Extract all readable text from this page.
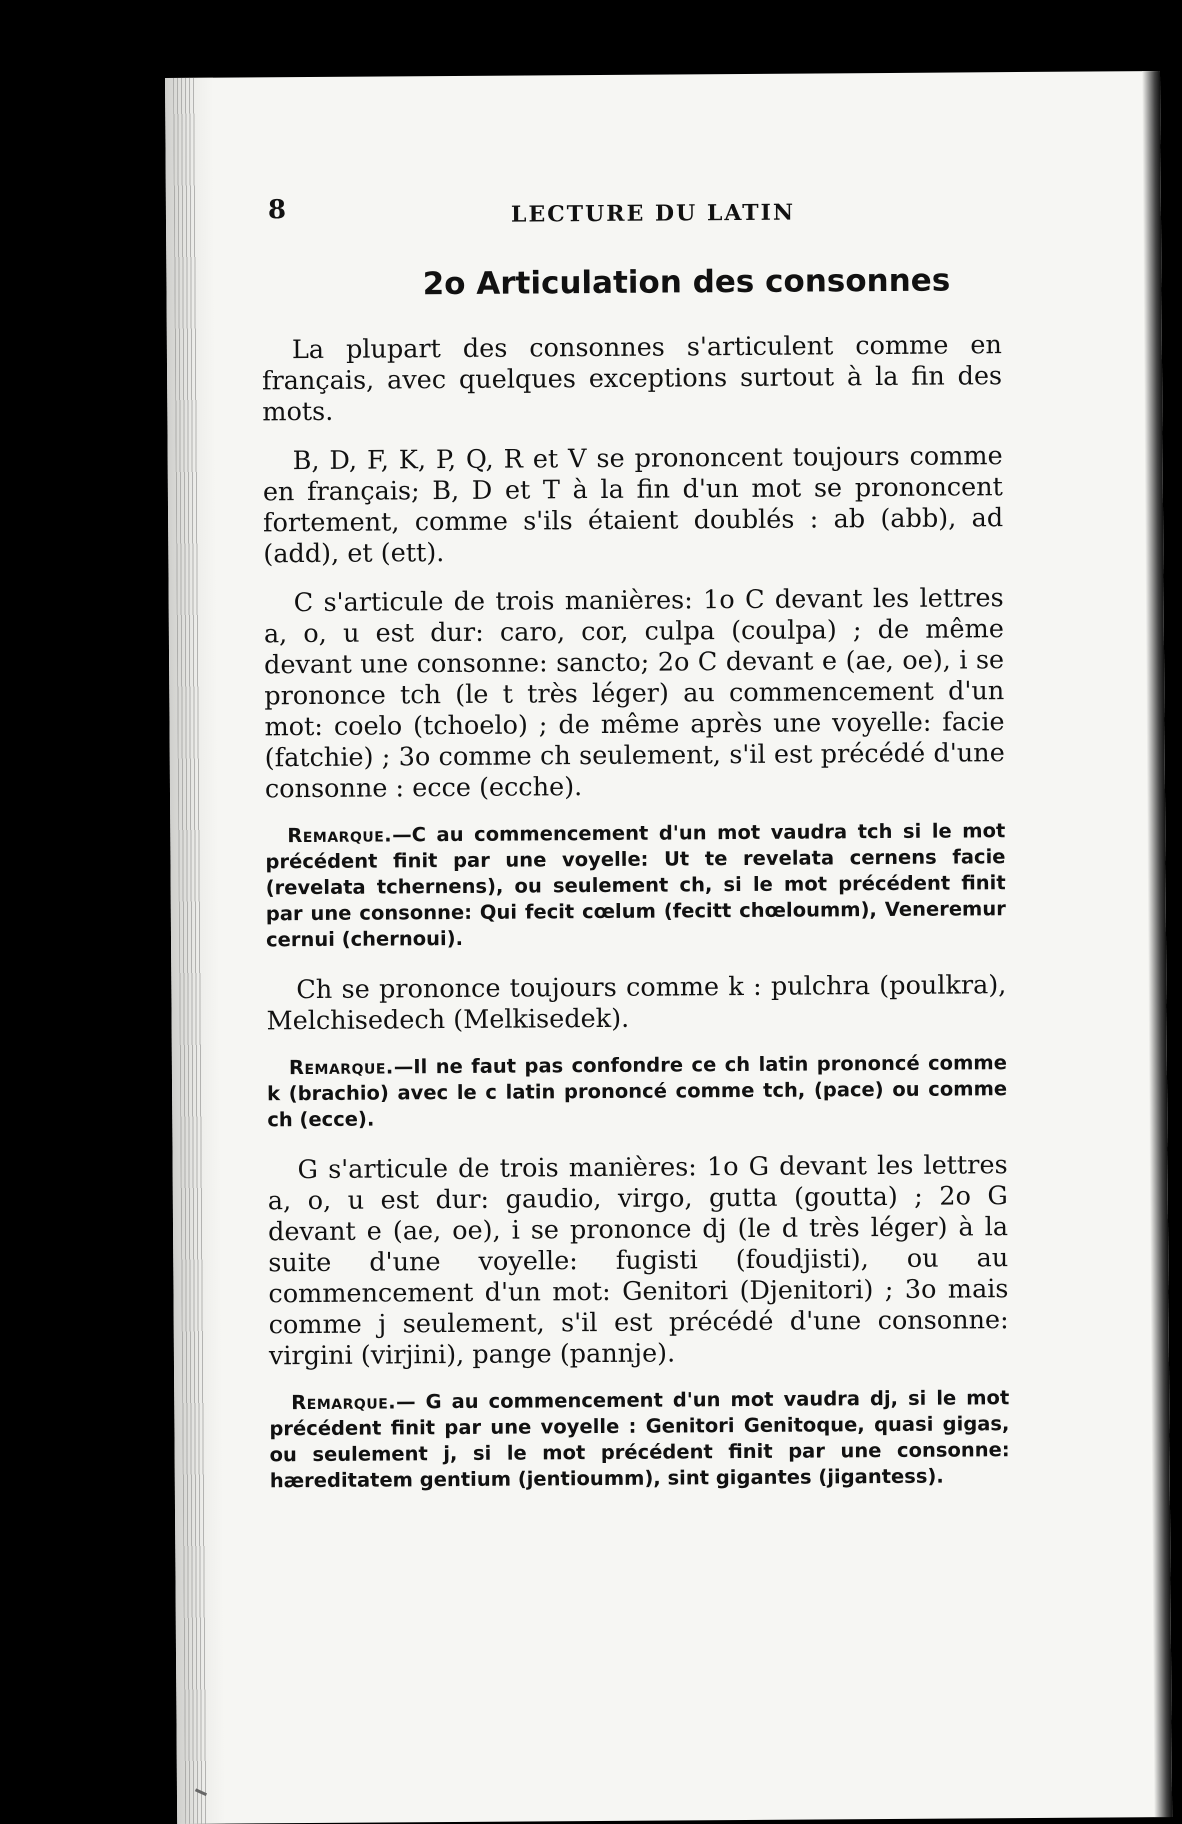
8	LECTURE DU LATIN
2o Articulation des consonnes

La plupart des consonnes s'articulent comme en français, avec quelques exceptions surtout à la fin des mots.

B, D, F, K, P, Q, R et V se prononcent toujours comme en français; B, D et T à la fin d'un mot se prononcent fortement, comme s'ils étaient doublés : ab (abb), ad (add), et (ett).

C s'articule de trois manières: 1o C devant les lettres a, o, u est dur: caro, cor, culpa (coulpa) ; de même devant une consonne: sancto; 2o C devant e (ae, oe), i se prononce tch (le t très léger) au commencement d'un mot: coelo (tchoelo) ; de même après une voyelle: facie (fatchie) ; 3o comme ch seulement, s'il est précédé d'une consonne : ecce (ecche).

Remarque.—C au commencement d'un mot vaudra tch si le mot précédent finit par une voyelle: Ut te revelata cernens facie (revelata tchernens), ou seulement ch, si le mot précédent finit par une consonne: Qui fecit cœlum (fecitt chœloumm), Veneremur cernui (chernoui).

Ch se prononce toujours comme k : pulchra (poulkra), Melchisedech (Melkisedek).

Remarque.—Il ne faut pas confondre ce ch latin prononcé comme k (brachio) avec le c latin prononcé comme tch, (pace) ou comme ch (ecce).

G s'articule de trois manières: 1o G devant les lettres a, o, u est dur: gaudio, virgo, gutta (goutta) ; 2o G devant e (ae, oe), i se prononce dj (le d très léger) à la suite d'une voyelle: fugisti (foudjisti), ou au commencement d'un mot: Genitori (Djenitori) ; 3o mais comme j seulement, s'il est précédé d'une consonne: virgini (virjini), pange (pannje).

Remarque.— G au commencement d'un mot vaudra dj, si le mot précédent finit par une voyelle : Genitori Genitoque, quasi gigas, ou seulement j, si le mot précédent finit par une consonne: hæreditatem gentium (jentioumm), sint gigantes (jigantess).
